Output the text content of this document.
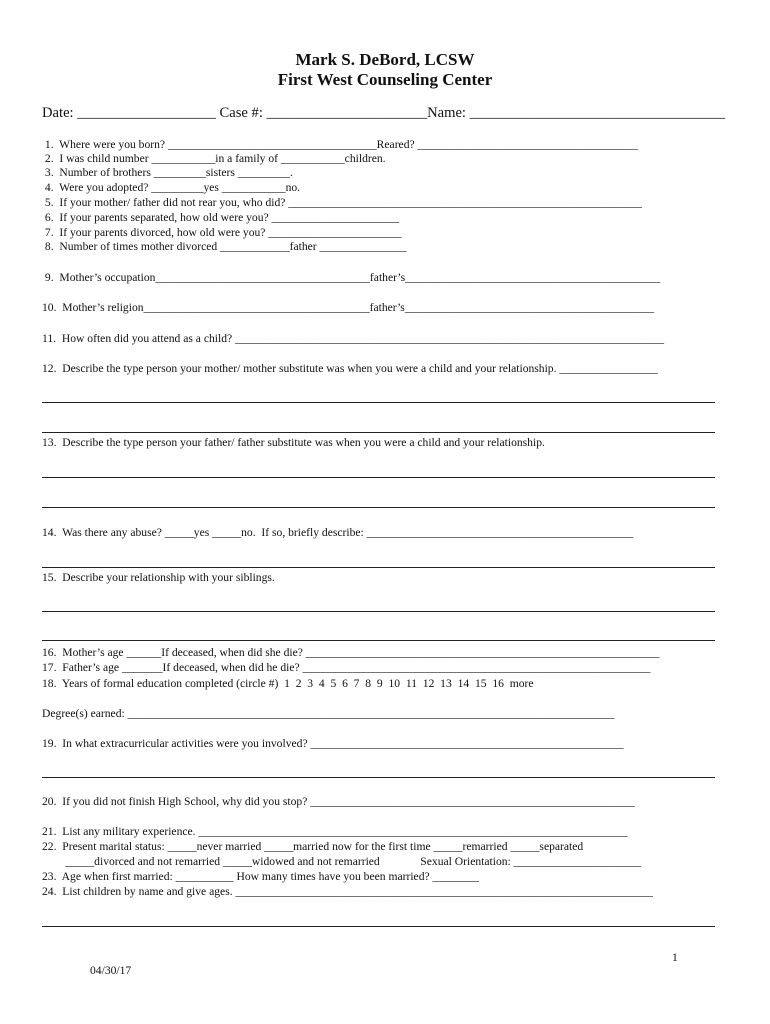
Mark S. DeBord, LCSW
First West Counseling Center
Date: ___________________ Case #: ______________________Name: ___________________________________
1.  Where were you born? ____________________________________Reared? ______________________________________
2.  I was child number ___________in a family of ___________children.
3.  Number of brothers _________sisters _________.
4.  Were you adopted? _________yes ___________no.
5.  If your mother/ father did not rear you, who did? _____________________________________________________________
6.  If your parents separated, how old were you? ______________________
7.  If your parents divorced, how old were you? _______________________
8.  Number of times mother divorced ____________father _______________
9.  Mother’s occupation_____________________________________father’s____________________________________________
10.  Mother’s religion_______________________________________father’s___________________________________________
11.  How often did you attend as a child? __________________________________________________________________________
12.  Describe the type person your mother/ mother substitute was when you were a child and your relationship. _________________
13.  Describe the type person your father/ father substitute was when you were a child and your relationship.
14.  Was there any abuse? _____yes _____no.  If so, briefly describe: ______________________________________________
15.  Describe your relationship with your siblings.
16.  Mother’s age ______If deceased, when did she die? _____________________________________________________________
17.  Father’s age _______If deceased, when did he die? ____________________________________________________________
18.  Years of formal education completed (circle #)  1  2  3  4  5  6  7  8  9  10  11  12  13  14  15  16  more
Degree(s) earned: ____________________________________________________________________________________
19.  In what extracurricular activities were you involved? ______________________________________________________
20.  If you did not finish High School, why did you stop? ________________________________________________________
21.  List any military experience. __________________________________________________________________________
22.  Present marital status: _____never married _____married now for the first time _____remarried _____separated
_____divorced and not remarried _____widowed and not remarried              Sexual Orientation: ______________________
23.  Age when first married: __________ How many times have you been married? ________
24.  List children by name and give ages. ________________________________________________________________________
1
04/30/17
